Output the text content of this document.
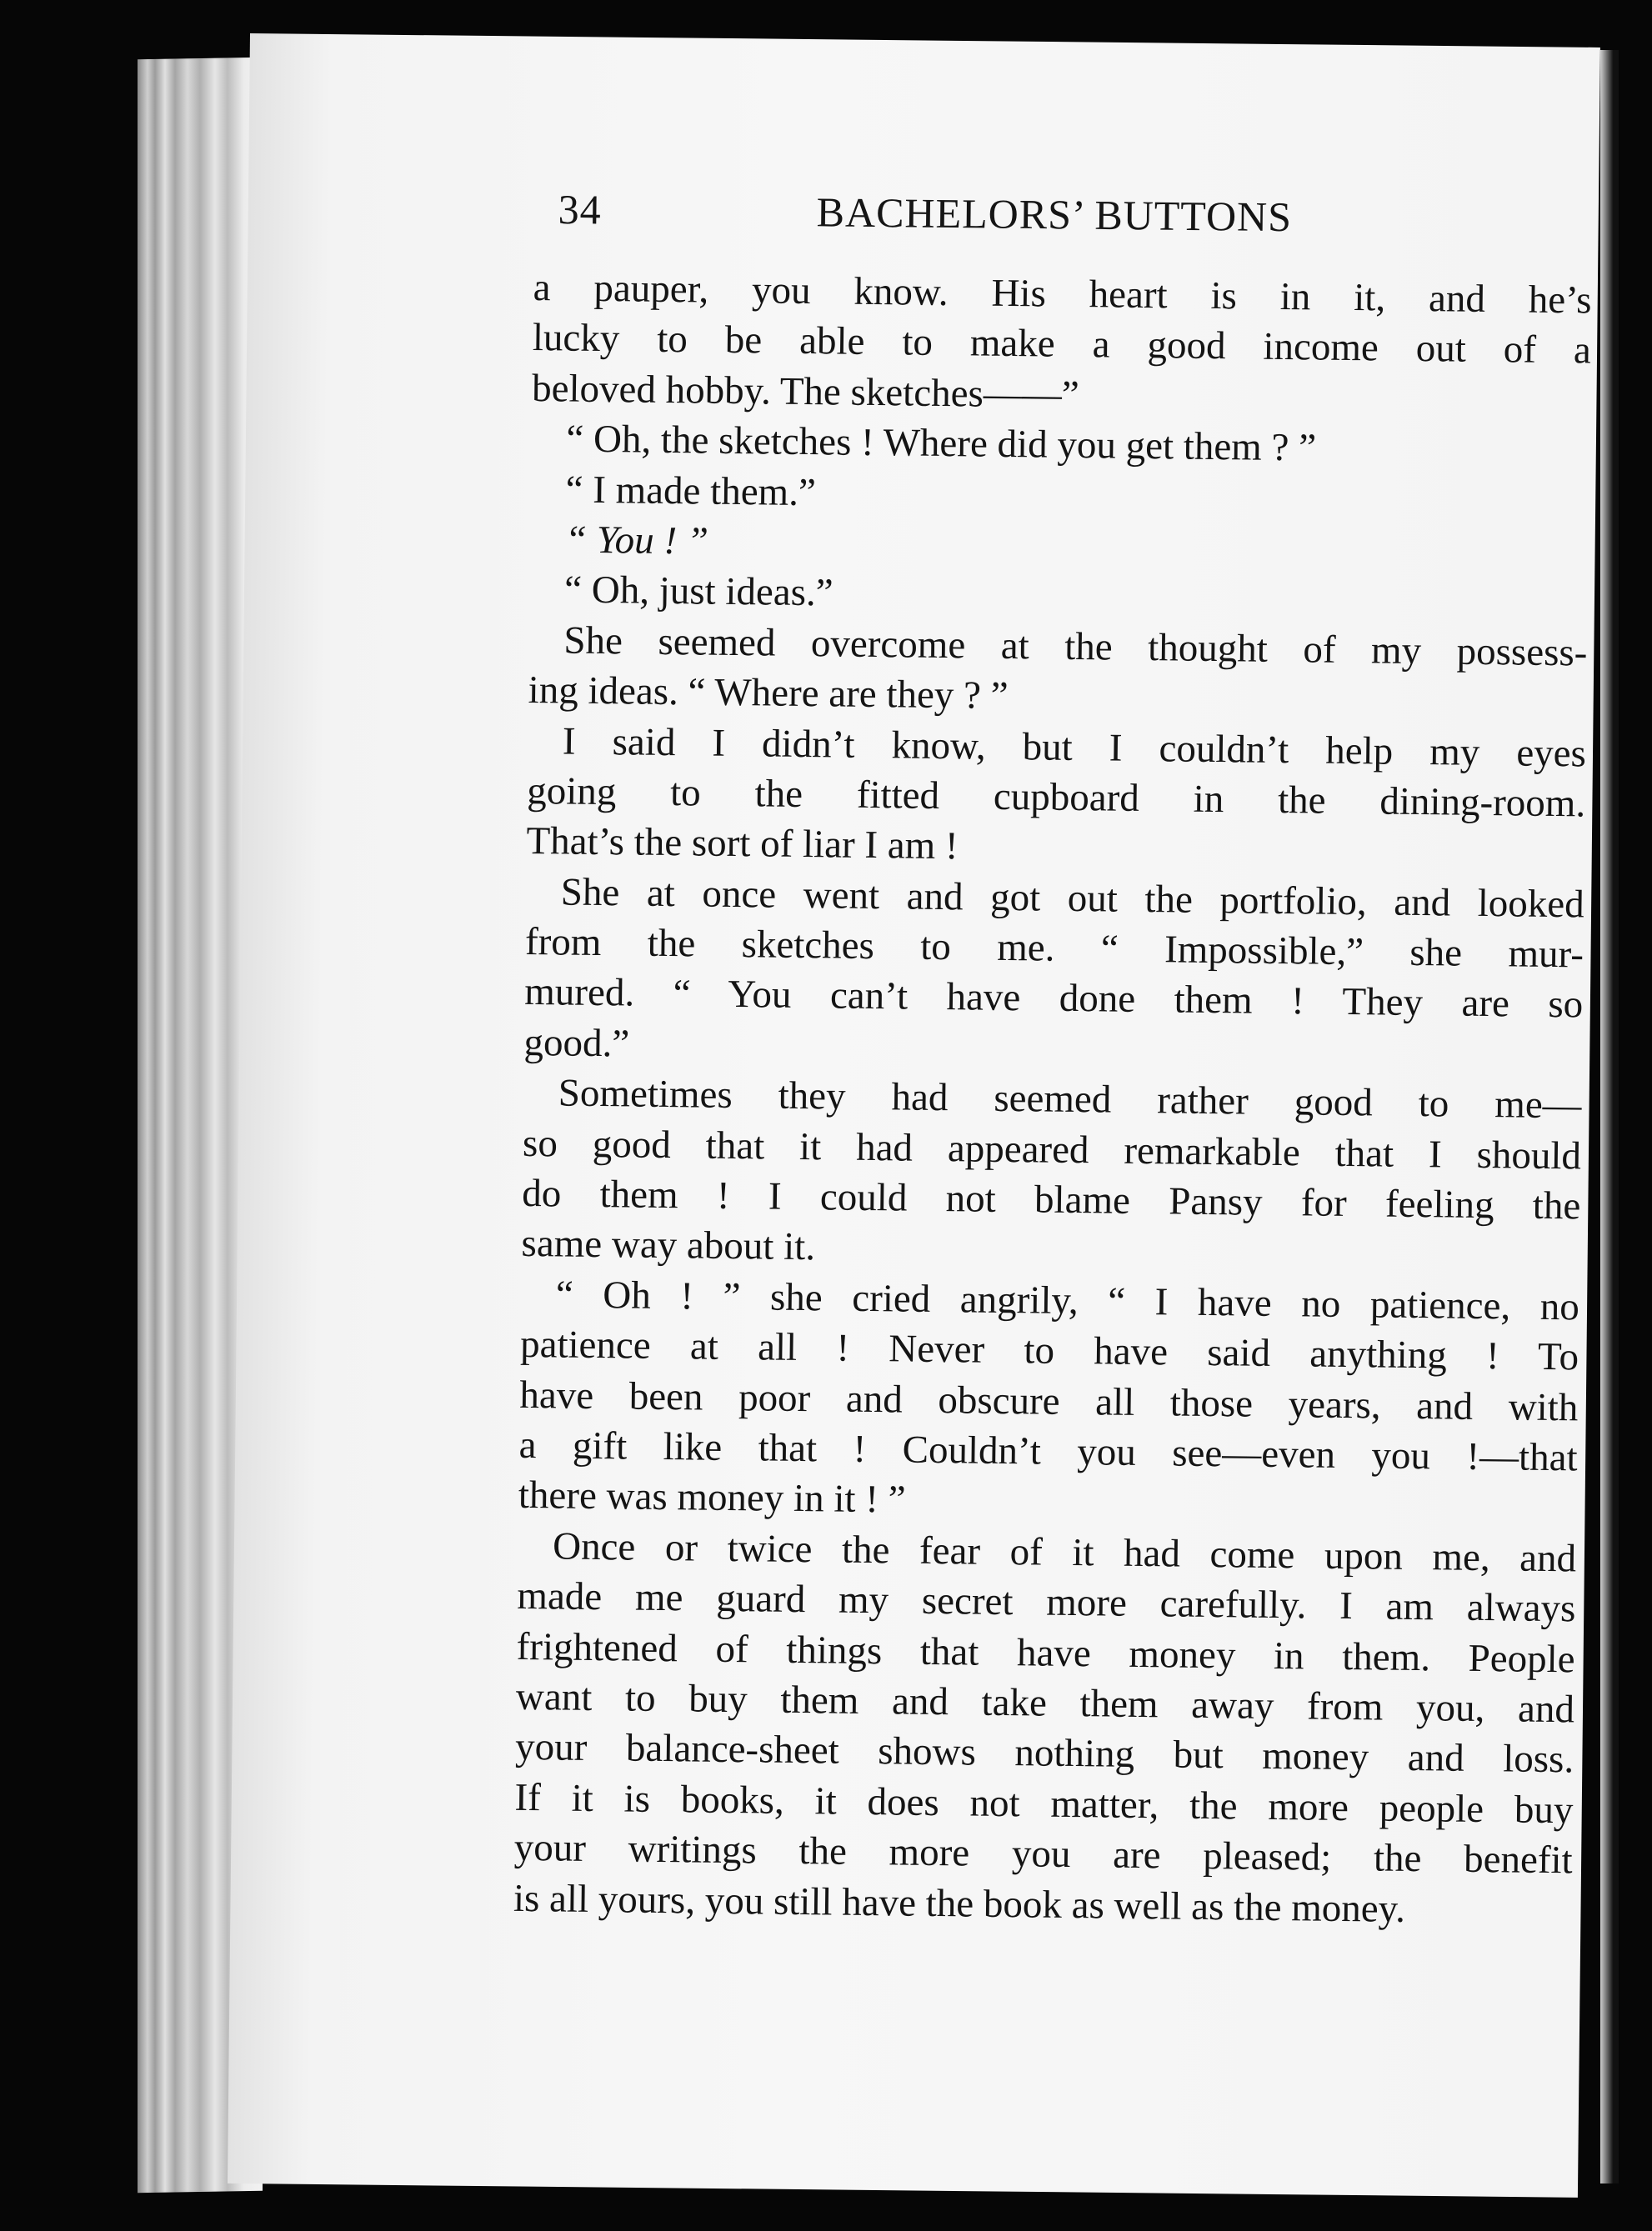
34	BACHELORS’ BUTTONS
a pauper, you know. His heart is in it, and he’s
lucky to be able to make a good income out of a
beloved hobby. The sketches——”
“ Oh, the sketches ! Where did you get them ? ”
“ I made them.”
“ You ! ”
“ Oh, just ideas.”
She seemed overcome at the thought of my possess-
ing ideas. “ Where are they ? ”
I said I didn’t know, but I couldn’t help my eyes
going to the fitted cupboard in the dining-room.
That’s the sort of liar I am !
She at once went and got out the portfolio, and looked
from the sketches to me. “ Impossible,” she mur-
mured. “ You can’t have done them ! They are so
good.”
Sometimes they had seemed rather good to me—
so good that it had appeared remarkable that I should
do them ! I could not blame Pansy for feeling the
same way about it.
“ Oh ! ” she cried angrily, “ I have no patience, no
patience at all ! Never to have said anything ! To
have been poor and obscure all those years, and with
a gift like that ! Couldn’t you see—even you !—that
there was money in it ! ”
Once or twice the fear of it had come upon me, and
made me guard my secret more carefully. I am always
frightened of things that have money in them. People
want to buy them and take them away from you, and
your balance-sheet shows nothing but money and loss.
If it is books, it does not matter, the more people buy
your writings the more you are pleased; the benefit
is all yours, you still have the book as well as the money.
